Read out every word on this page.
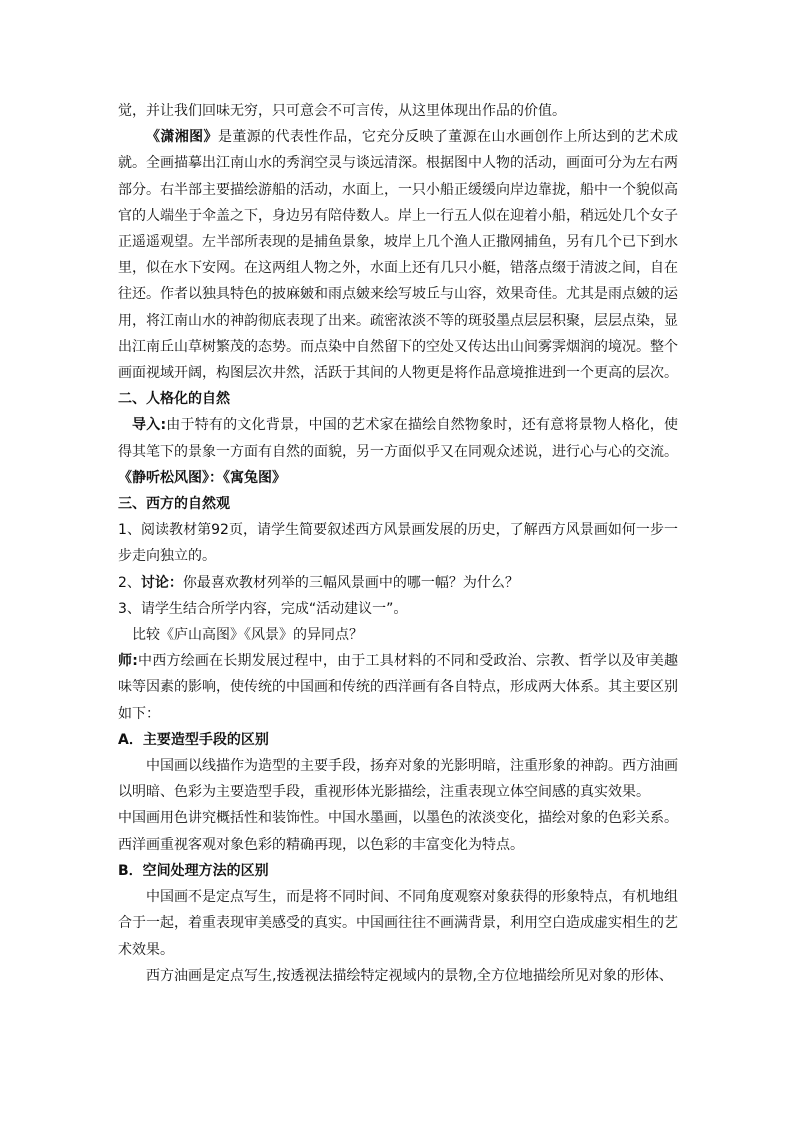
觉，并让我们回味无穷，只可意会不可言传，从这里体现出作品的价值。

《潇湘图》是董源的代表性作品，它充分反映了董源在山水画创作上所达到的艺术成就。全画描摹出江南山水的秀润空灵与谈远清深。根据图中人物的活动，画面可分为左右两部分。右半部主要描绘游船的活动，水面上，一只小船正缓缓向岸边靠拢，船中一个貌似高官的人端坐于伞盖之下，身边另有陪侍数人。岸上一行五人似在迎着小船，稍远处几个女子正遥遥观望。左半部所表现的是捕鱼景象，坡岸上几个渔人正撒网捕鱼，另有几个已下到水里，似在水下安网。在这两组人物之外，水面上还有几只小艇，错落点缀于清波之间，自在往还。作者以独具特色的披麻皴和雨点皴来绘写坡丘与山容，效果奇佳。尤其是雨点皴的运用，将江南山水的神韵彻底表现了出来。疏密浓淡不等的斑驳墨点层层积聚，层层点染，显出江南丘山草树繁茂的态势。而点染中自然留下的空处又传达出山间雾霁烟润的境况。整个画面视域开阔，构图层次井然，活跃于其间的人物更是将作品意境推进到一个更高的层次。

二、人格化的自然

导入:由于特有的文化背景，中国的艺术家在描绘自然物象时，还有意将景物人格化，使得其笔下的景象一方面有自然的面貌，另一方面似乎又在同观众述说，进行心与心的交流。

《静听松风图》：《寓兔图》

三、西方的自然观

1、阅读教材第92页，请学生简要叙述西方风景画发展的历史，了解西方风景画如何一步一步走向独立的。

2、讨论：你最喜欢教材列举的三幅风景画中的哪一幅？为什么？

3、请学生结合所学内容，完成“活动建议一”。

比较《庐山高图》《风景》的异同点？

师:中西方绘画在长期发展过程中，由于工具材料的不同和受政治、宗教、哲学以及审美趣味等因素的影响，使传统的中国画和传统的西洋画有各自特点，形成两大体系。其主要区别如下：

A．主要造型手段的区别

中国画以线描作为造型的主要手段，扬弃对象的光影明暗，注重形象的神韵。西方油画以明暗、色彩为主要造型手段，重视形体光影描绘，注重表现立体空间感的真实效果。

中国画用色讲究概括性和装饰性。中国水墨画，以墨色的浓淡变化，描绘对象的色彩关系。西洋画重视客观对象色彩的精确再现，以色彩的丰富变化为特点。

B．空间处理方法的区别

中国画不是定点写生，而是将不同时间、不同角度观察对象获得的形象特点，有机地组合于一起，着重表现审美感受的真实。中国画往往不画满背景，利用空白造成虚实相生的艺术效果。

西方油画是定点写生,按透视法描绘特定视域内的景物,全方位地描绘所见对象的形体、
